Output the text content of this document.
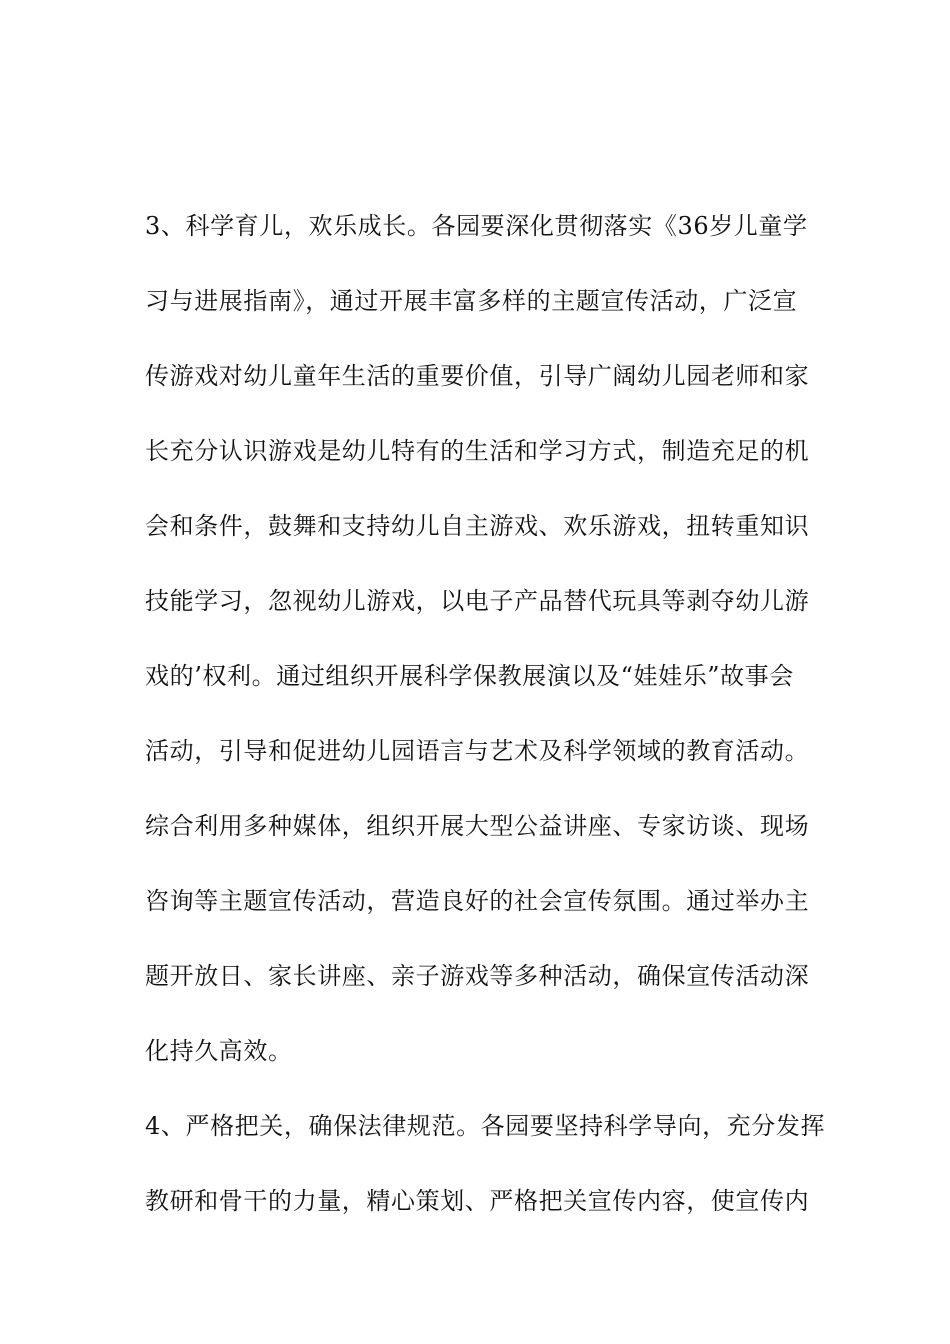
3、科学育儿，欢乐成长。各园要深化贯彻落实《36岁儿童学
习与进展指南》，通过开展丰富多样的主题宣传活动，广泛宣
传游戏对幼儿童年生活的重要价值，引导广阔幼儿园老师和家
长充分认识游戏是幼儿特有的生活和学习方式，制造充足的机
会和条件，鼓舞和支持幼儿自主游戏、欢乐游戏，扭转重知识
技能学习，忽视幼儿游戏，以电子产品替代玩具等剥夺幼儿游
戏的’权利。通过组织开展科学保教展演以及“娃娃乐”故事会
活动，引导和促进幼儿园语言与艺术及科学领域的教育活动。
综合利用多种媒体，组织开展大型公益讲座、专家访谈、现场
咨询等主题宣传活动，营造良好的社会宣传氛围。通过举办主
题开放日、家长讲座、亲子游戏等多种活动，确保宣传活动深
化持久高效。
4、严格把关，确保法律规范。各园要坚持科学导向，充分发挥
教研和骨干的力量，精心策划、严格把关宣传内容，使宣传内
